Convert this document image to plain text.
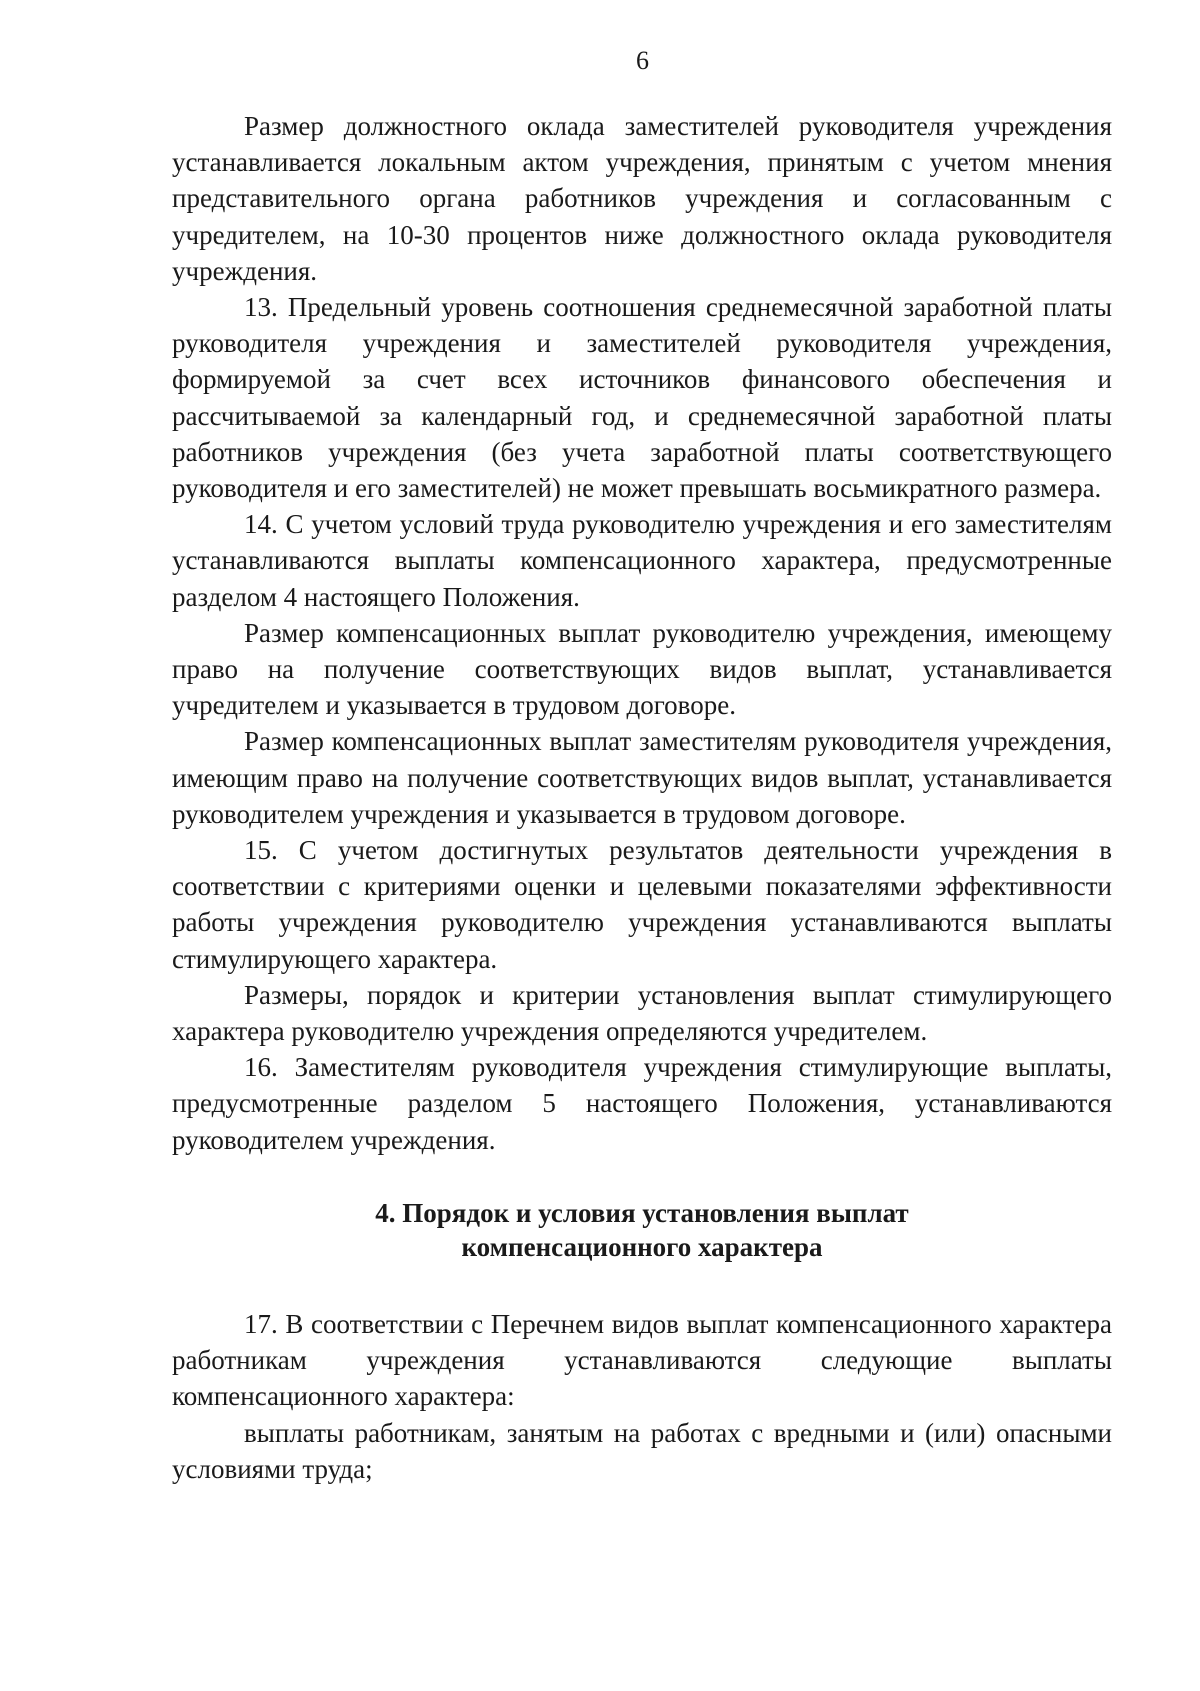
6

Размер должностного оклада заместителей руководителя учреждения устанавливается локальным актом учреждения, принятым с учетом мнения представительного органа работников учреждения и согласованным с учредителем, на 10-30 процентов ниже должностного оклада руководителя учреждения.

13. Предельный уровень соотношения среднемесячной заработной платы руководителя учреждения и заместителей руководителя учреждения, формируемой за счет всех источников финансового обеспечения и рассчитываемой за календарный год, и среднемесячной заработной платы работников учреждения (без учета заработной платы соответствующего руководителя и его заместителей) не может превышать восьмикратного размера.

14. С учетом условий труда руководителю учреждения и его заместителям устанавливаются выплаты компенсационного характера, предусмотренные разделом 4 настоящего Положения.

Размер компенсационных выплат руководителю учреждения, имеющему право на получение соответствующих видов выплат, устанавливается учредителем и указывается в трудовом договоре.

Размер компенсационных выплат заместителям руководителя учреждения, имеющим право на получение соответствующих видов выплат, устанавливается руководителем учреждения и указывается в трудовом договоре.

15. С учетом достигнутых результатов деятельности учреждения в соответствии с критериями оценки и целевыми показателями эффективности работы учреждения руководителю учреждения устанавливаются выплаты стимулирующего характера.

Размеры, порядок и критерии установления выплат стимулирующего характера руководителю учреждения определяются учредителем.

16. Заместителям руководителя учреждения стимулирующие выплаты, предусмотренные разделом 5 настоящего Положения, устанавливаются руководителем учреждения.

4. Порядок и условия установления выплат
компенсационного характера

17. В соответствии с Перечнем видов выплат компенсационного характера работникам учреждения устанавливаются следующие выплаты компенсационного характера:

выплаты работникам, занятым на работах с вредными и (или) опасными условиями труда;
